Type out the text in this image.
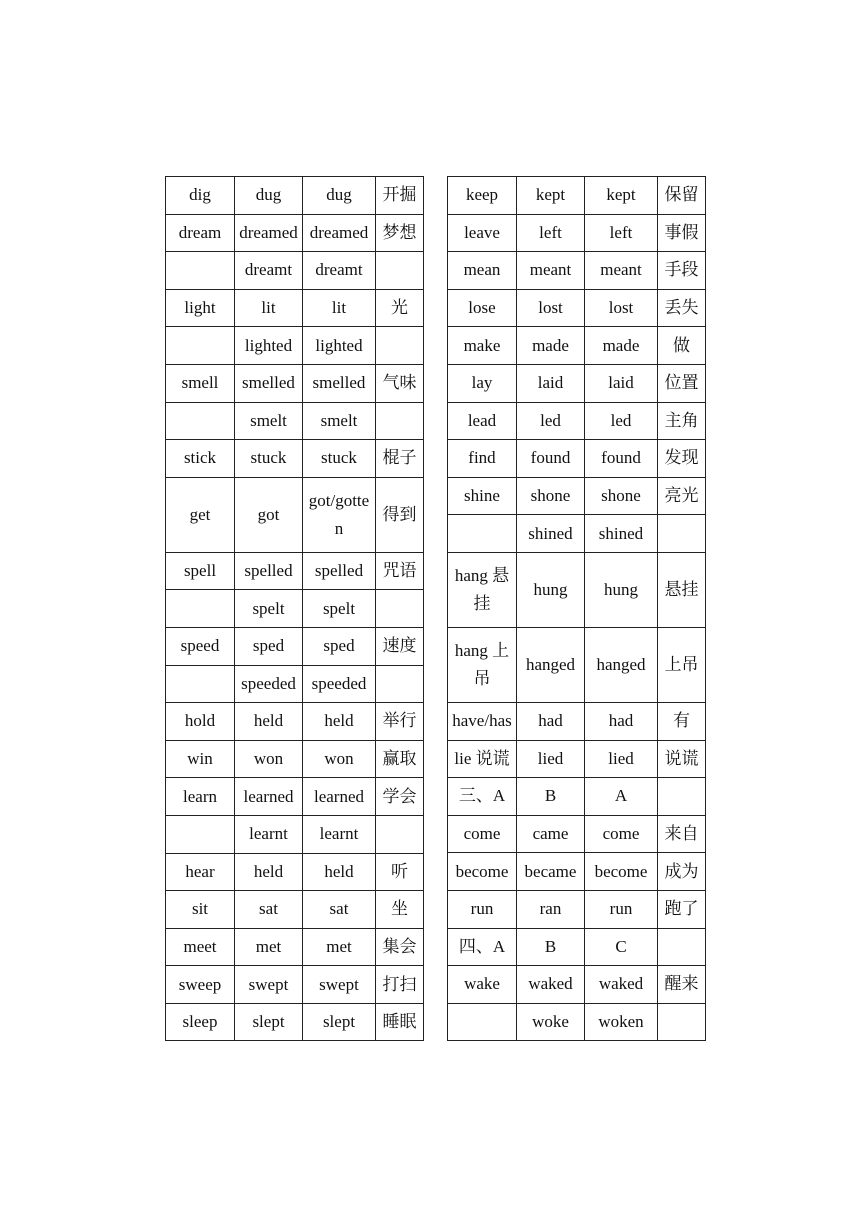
dig	dug	dug	开掘
dream	dreamed	dreamed	梦想
	dreamt	dreamt	
light	lit	lit	光
	lighted	lighted	
smell	smelled	smelled	气味
	smelt	smelt	
stick	stuck	stuck	棍子
get	got	got/gotten	得到
spell	spelled	spelled	咒语
	spelt	spelt	
speed	sped	sped	速度
	speeded	speeded	
hold	held	held	举行
win	won	won	赢取
learn	learned	learned	学会
	learnt	learnt	
hear	held	held	听
sit	sat	sat	坐
meet	met	met	集会
sweep	swept	swept	打扫
sleep	slept	slept	睡眠
keep	kept	kept	保留
leave	left	left	事假
mean	meant	meant	手段
lose	lost	lost	丢失
make	made	made	做
lay	laid	laid	位置
lead	led	led	主角
find	found	found	发现
shine	shone	shone	亮光
	shined	shined	
hang 悬挂	hung	hung	悬挂
hang 上吊	hanged	hanged	上吊
have/has	had	had	有
lie 说谎	lied	lied	说谎
三、A	B	A	
come	came	come	来自
become	became	become	成为
run	ran	run	跑了
四、A	B	C	
wake	waked	waked	醒来
	woke	woken	
